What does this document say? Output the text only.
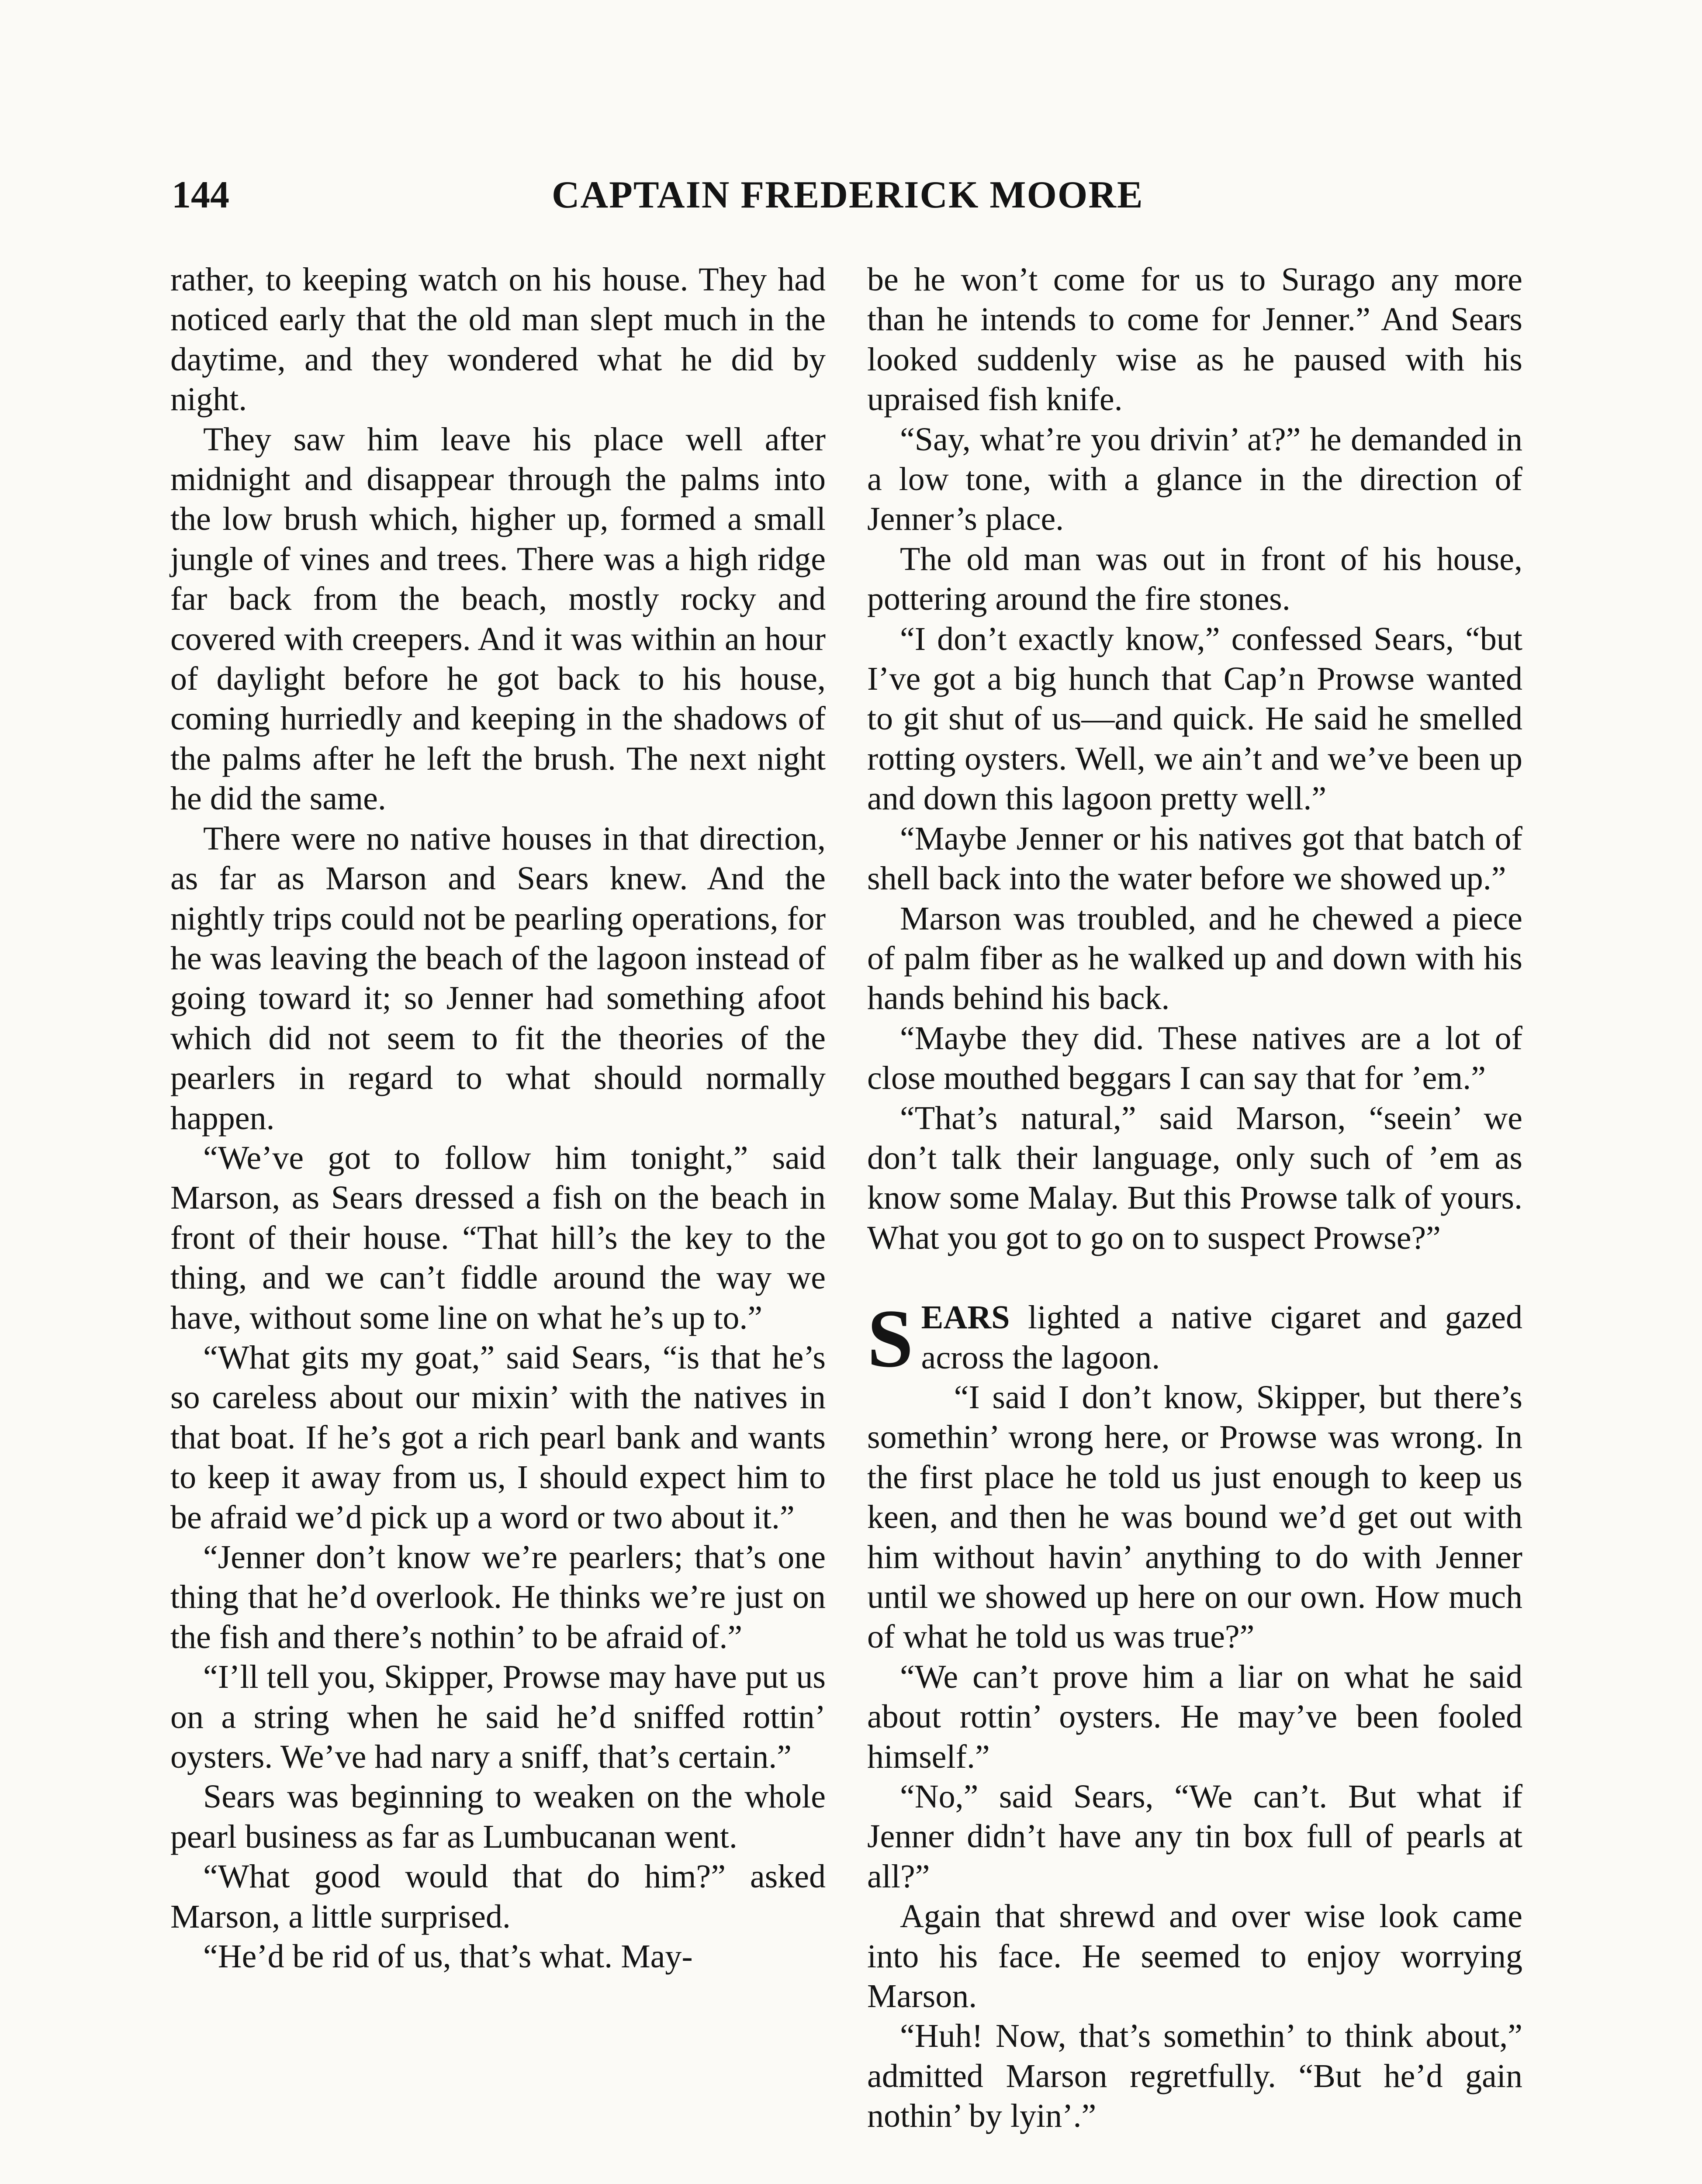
144	CAPTAIN FREDERICK MOORE

rather, to keeping watch on his house. They had noticed early that the old man slept much in the daytime, and they wondered what he did by night.

They saw him leave his place well after midnight and disappear through the palms into the low brush which, higher up, formed a small jungle of vines and trees. There was a high ridge far back from the beach, mostly rocky and covered with creepers. And it was within an hour of daylight before he got back to his house, coming hurriedly and keeping in the shadows of the palms after he left the brush. The next night he did the same.

There were no native houses in that direction, as far as Marson and Sears knew. And the nightly trips could not be pearling operations, for he was leaving the beach of the lagoon instead of going toward it; so Jenner had something afoot which did not seem to fit the theories of the pearlers in regard to what should normally happen.

“We’ve got to follow him tonight,” said Marson, as Sears dressed a fish on the beach in front of their house. “That hill’s the key to the thing, and we can’t fiddle around the way we have, without some line on what he’s up to.”

“What gits my goat,” said Sears, “is that he’s so careless about our mixin’ with the natives in that boat. If he’s got a rich pearl bank and wants to keep it away from us, I should expect him to be afraid we’d pick up a word or two about it.”

“Jenner don’t know we’re pearlers; that’s one thing that he’d overlook. He thinks we’re just on the fish and there’s nothin’ to be afraid of.”

“I’ll tell you, Skipper, Prowse may have put us on a string when he said he’d sniffed rottin’ oysters. We’ve had nary a sniff, that’s certain.”

Sears was beginning to weaken on the whole pearl business as far as Lumbucanan went.

“What good would that do him?” asked Marson, a little surprised.

“He’d be rid of us, that’s what. May-

be he won’t come for us to Surago any more than he intends to come for Jenner.” And Sears looked suddenly wise as he paused with his upraised fish knife.

“Say, what’re you drivin’ at?” he demanded in a low tone, with a glance in the direction of Jenner’s place.

The old man was out in front of his house, pottering around the fire stones.

“I don’t exactly know,” confessed Sears, “but I’ve got a big hunch that Cap’n Prowse wanted to git shut of us—and quick. He said he smelled rotting oysters. Well, we ain’t and we’ve been up and down this lagoon pretty well.”

“Maybe Jenner or his natives got that batch of shell back into the water before we showed up.”

Marson was troubled, and he chewed a piece of palm fiber as he walked up and down with his hands behind his back.

“Maybe they did. These natives are a lot of close mouthed beggars I can say that for ’em.”

“That’s natural,” said Marson, “seein’ we don’t talk their language, only such of ’em as know some Malay. But this Prowse talk of yours. What you got to go on to suspect Prowse?”

SEARS lighted a native cigaret and gazed across the lagoon.

“I said I don’t know, Skipper, but there’s somethin’ wrong here, or Prowse was wrong. In the first place he told us just enough to keep us keen, and then he was bound we’d get out with him without havin’ anything to do with Jenner until we showed up here on our own. How much of what he told us was true?”

“We can’t prove him a liar on what he said about rottin’ oysters. He may’ve been fooled himself.”

“No,” said Sears, “We can’t. But what if Jenner didn’t have any tin box full of pearls at all?”

Again that shrewd and over wise look came into his face. He seemed to enjoy worrying Marson.

“Huh! Now, that’s somethin’ to think about,” admitted Marson regretfully. “But he’d gain nothin’ by lyin’.”
